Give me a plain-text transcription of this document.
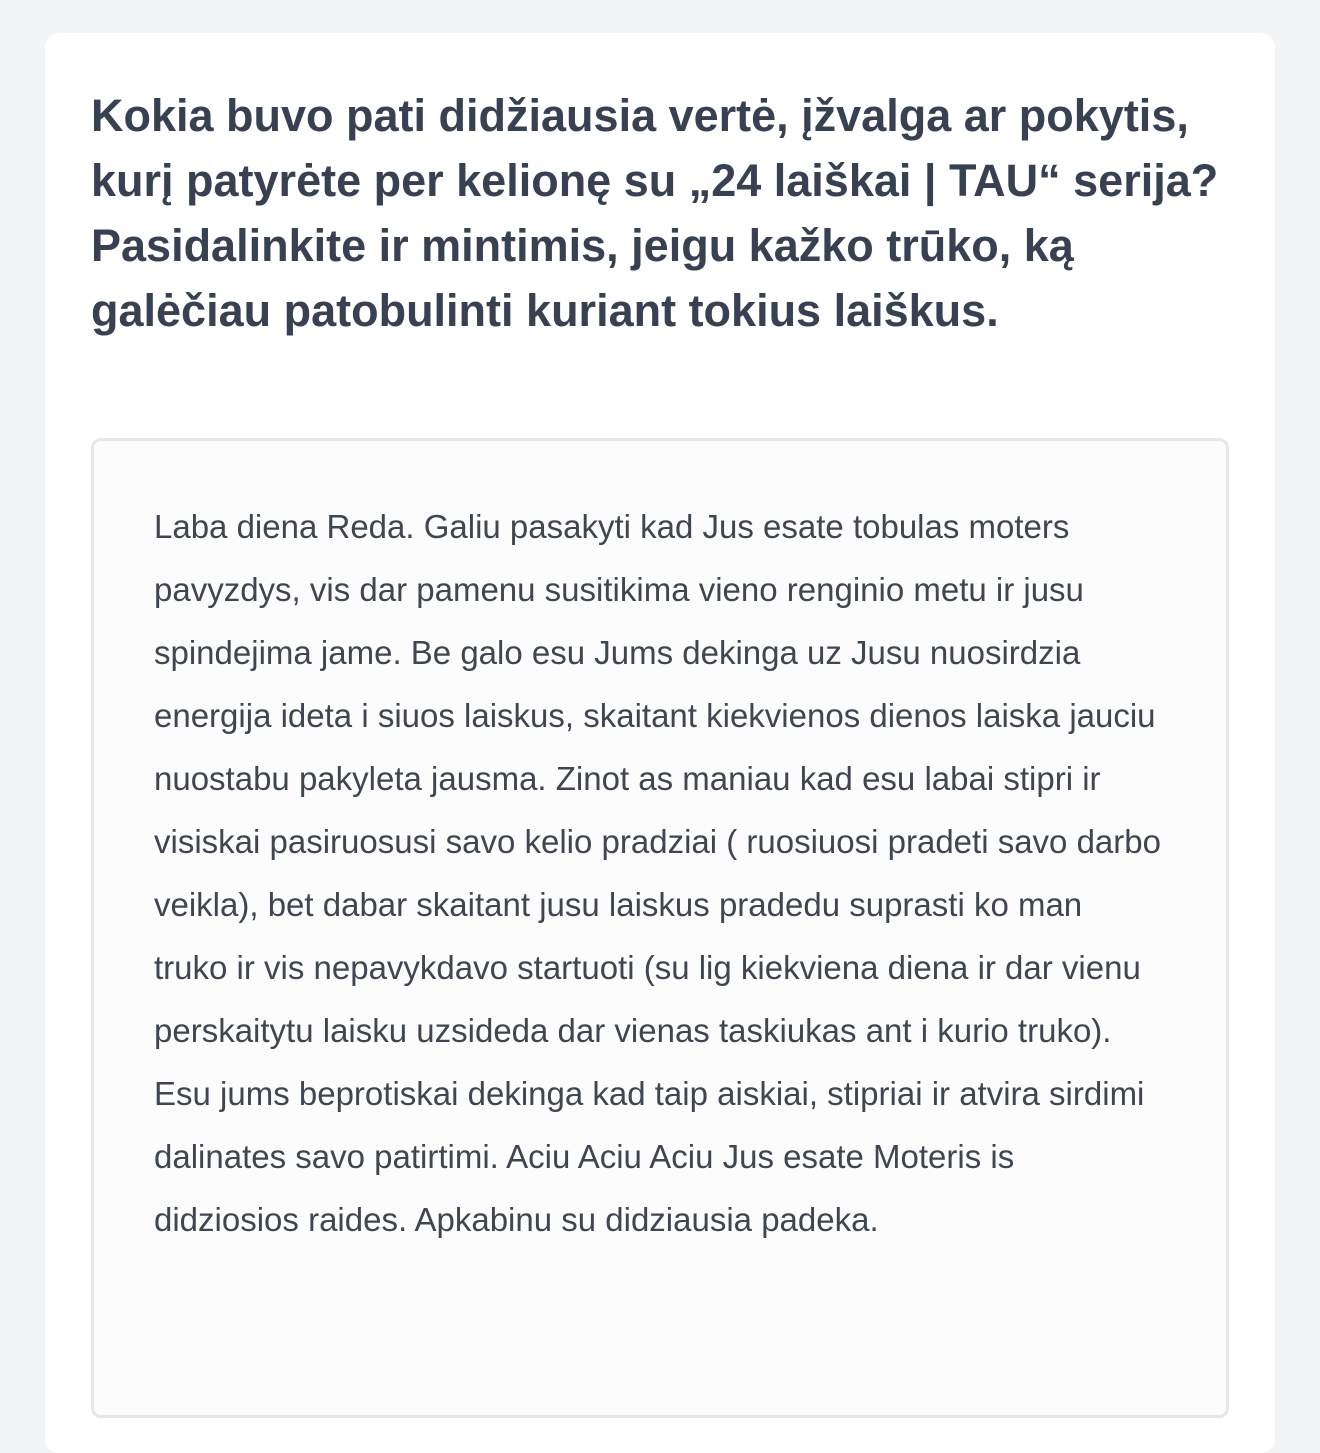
Kokia buvo pati didžiausia vertė, įžvalga ar pokytis, kurį patyrėte per kelionę su „24 laiškai | TAU“ serija? Pasidalinkite ir mintimis, jeigu kažko trūko, ką galėčiau patobulinti kuriant tokius laiškus.

Laba diena Reda. Galiu pasakyti kad Jus esate tobulas moters pavyzdys, vis dar pamenu susitikima vieno renginio metu ir jusu spindejima jame. Be galo esu Jums dekinga uz Jusu nuosirdzia energija ideta i siuos laiskus, skaitant kiekvienos dienos laiska jauciu nuostabu pakyleta jausma. Zinot as maniau kad esu labai stipri ir visiskai pasiruosusi savo kelio pradziai ( ruosiuosi pradeti savo darbo veikla), bet dabar skaitant jusu laiskus pradedu suprasti ko man truko ir vis nepavykdavo startuoti (su lig kiekviena diena ir dar vienu perskaitytu laisku uzsideda dar vienas taskiukas ant i kurio truko). Esu jums beprotiskai dekinga kad taip aiskiai, stipriai ir atvira sirdimi dalinates savo patirtimi. Aciu Aciu Aciu Jus esate Moteris is didziosios raides. Apkabinu su didziausia padeka.
